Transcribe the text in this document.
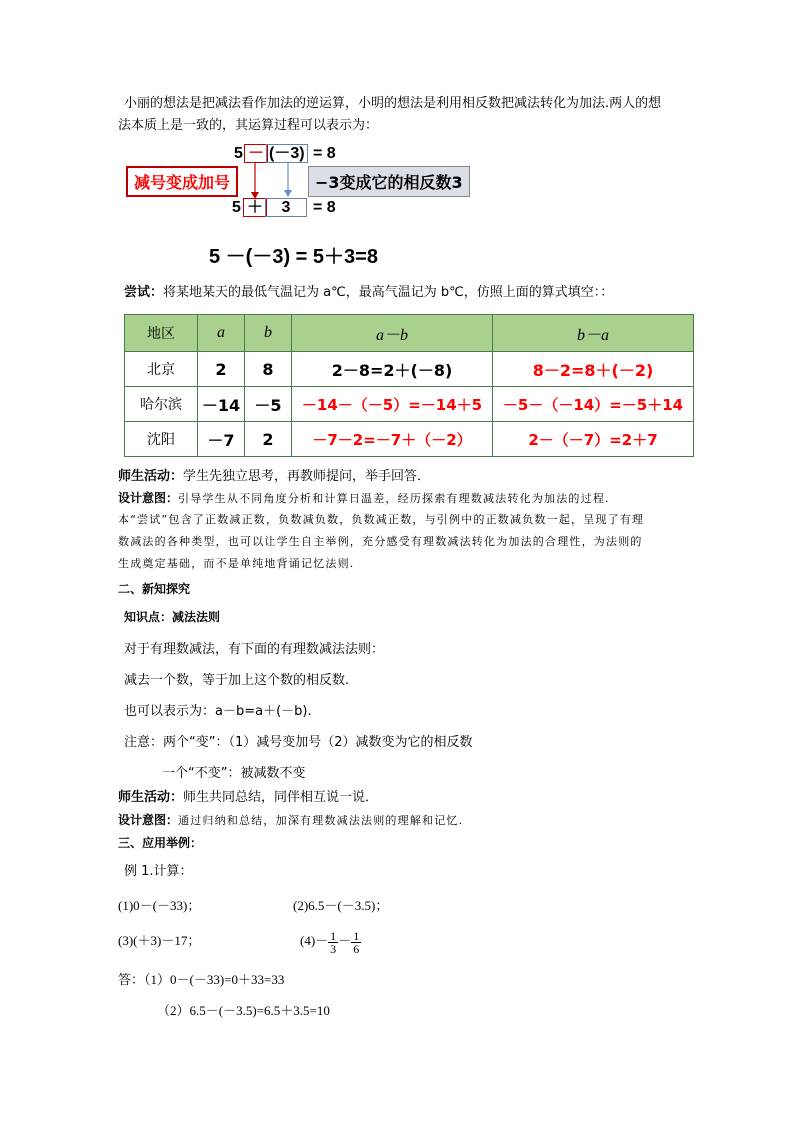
小丽的想法是把减法看作加法的逆运算，小明的想法是利用相反数把减法转化为加法.两人的想
法本质上是一致的，其运算过程可以表示为：
5 － (－3) = 8
减号变成加号	−3变成它的相反数3
5 ＋	3	= 8
5 －(－3) = 5＋3=8
尝试：将某地某天的最低气温记为 a℃，最高气温记为 b℃，仿照上面的算式填空：：
地区	a	b	a－b	b－a
北京	2	8	2－8=2＋(－8)	8－2=8＋(－2)
哈尔滨	－14	－5	－14－（－5）=－14＋5	－5－（－14）=－5＋14
沈阳	－7	2	－7－2=－7＋（－2）	2－（－7）=2＋7
师生活动：学生先独立思考，再教师提问，举手回答．
设计意图：引导学生从不同角度分析和计算日温差，经历探索有理数减法转化为加法的过程.
本“尝试”包含了正数减正数，负数减负数，负数减正数，与引例中的正数减负数一起，呈现了有理
数减法的各种类型，也可以让学生自主举例，充分感受有理数减法转化为加法的合理性，为法则的
生成奠定基础，而不是单纯地背诵记忆法则.
二、新知探究
知识点：减法法则
对于有理数减法，有下面的有理数减法法则：
减去一个数，等于加上这个数的相反数.
也可以表示为：a－b=a＋(－b).
注意：两个“变”：（1）减号变加号（2）减数变为它的相反数
一个“不变”：被减数不变
师生活动：师生共同总结，同伴相互说一说．
设计意图：通过归纳和总结，加深有理数减法法则的理解和记忆.
三、应用举例：
例 1.计算：
(1)0－(－33)；	(2)6.5－(－3.5)；
(3)(＋3)－17；	$(4)- \frac{1}{3} - \frac{1}{6}$
答：（1）0－(－33)=0＋33=33
（2）6.5－(－3.5)=6.5＋3.5=10
